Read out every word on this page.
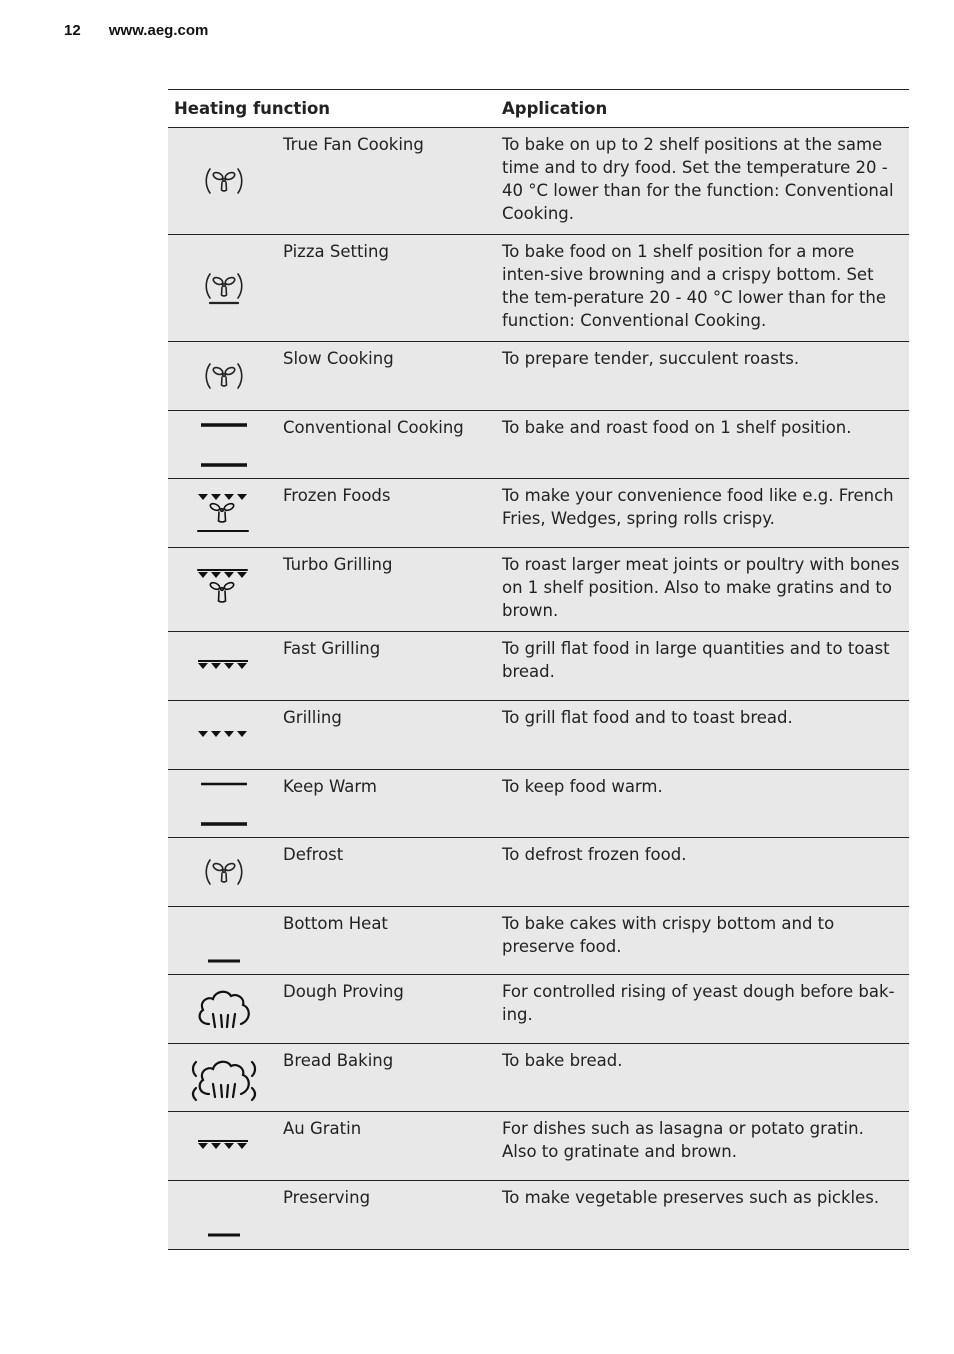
12 www.aeg.com
Heating function		Application

	True Fan Cooking	To bake on up to 2 shelf positions at the same time and to dry food. Set the temperature 20 - 40 °C lower than for the function: Conventional Cooking.

	Pizza Setting	To bake food on 1 shelf position for a more inten-sive browning and a crispy bottom. Set the tem-perature 20 - 40 °C lower than for the function: Conventional Cooking.

	Slow Cooking	To prepare tender, succulent roasts.

	Conventional Cooking	To bake and roast food on 1 shelf position.

	Frozen Foods	To make your convenience food like e.g. French Fries, Wedges, spring rolls crispy.

	Turbo Grilling	To roast larger meat joints or poultry with bones on 1 shelf position. Also to make gratins and to brown.

	Fast Grilling	To grill flat food in large quantities and to toast bread.

	Grilling	To grill flat food and to toast bread.

	Keep Warm	To keep food warm.

	Defrost	To defrost frozen food.

	Bottom Heat	To bake cakes with crispy bottom and to preserve food.

	Dough Proving	For controlled rising of yeast dough before bak-ing.

	Bread Baking	To bake bread.

	Au Gratin	For dishes such as lasagna or potato gratin. Also to gratinate and brown.

	Preserving	To make vegetable preserves such as pickles.
